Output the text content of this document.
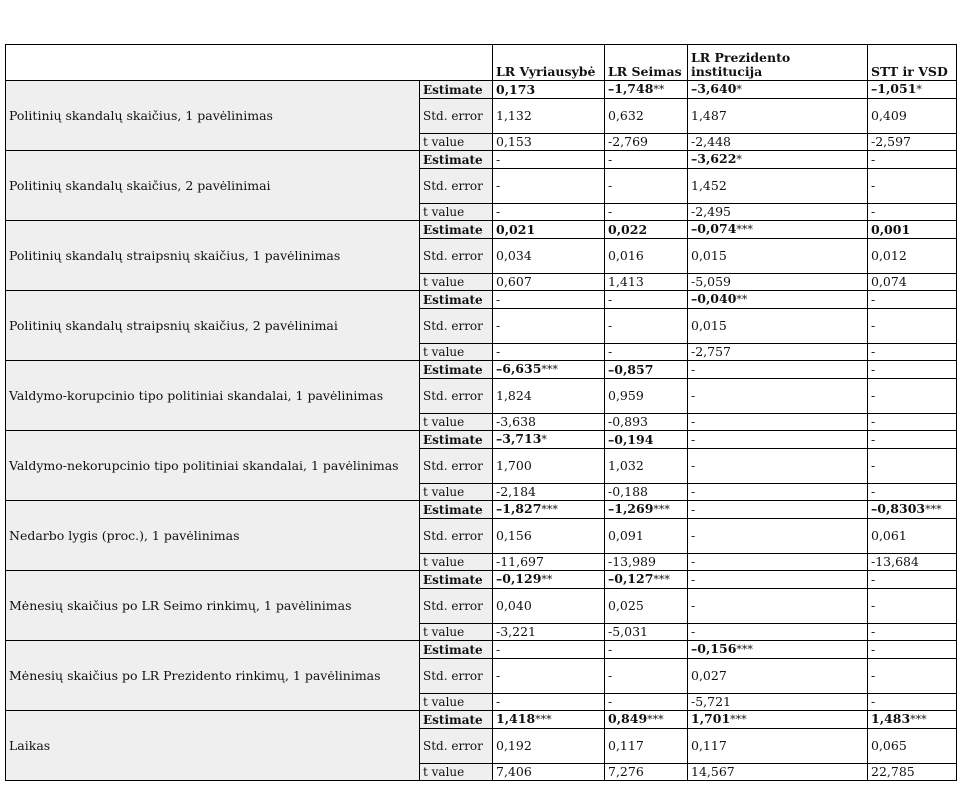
		LR Vyriausybė	LR Seimas	LR Prezidento institucija	STT ir VSD
Politinių skandalų skaičius, 1 pavėlinimas	Estimate	0,173	–1,748**	–3,640*	–1,051*
	Std. error	1,132	0,632	1,487	0,409
	t value	0,153	-2,769	-2,448	-2,597
Politinių skandalų skaičius, 2 pavėlinimai	Estimate	-	-	–3,622*	-
	Std. error	-	-	1,452	-
	t value	-	-	-2,495	-
Politinių skandalų straipsnių skaičius, 1 pavėlinimas	Estimate	0,021	0,022	–0,074***	0,001
	Std. error	0,034	0,016	0,015	0,012
	t value	0,607	1,413	-5,059	0,074
Politinių skandalų straipsnių skaičius, 2 pavėlinimai	Estimate	-	-	–0,040**	-
	Std. error	-	-	0,015	-
	t value	-	-	-2,757	-
Valdymo-korupcinio tipo politiniai skandalai, 1 pavėlinimas	Estimate	–6,635***	–0,857	-	-
	Std. error	1,824	0,959	-	-
	t value	-3,638	-0,893	-	-
Valdymo-nekorupcinio tipo politiniai skandalai, 1 pavėlinimas	Estimate	–3,713*	–0,194	-	-
	Std. error	1,700	1,032	-	-
	t value	-2,184	-0,188	-	-
Nedarbo lygis (proc.), 1 pavėlinimas	Estimate	–1,827***	–1,269***	-	–0,8303***
	Std. error	0,156	0,091	-	0,061
	t value	-11,697	-13,989	-	-13,684
Mėnesių skaičius po LR Seimo rinkimų, 1 pavėlinimas	Estimate	–0,129**	–0,127***	-	-
	Std. error	0,040	0,025	-	-
	t value	-3,221	-5,031	-	-
Mėnesių skaičius po LR Prezidento rinkimų, 1 pavėlinimas	Estimate	-	-	–0,156***	-
	Std. error	-	-	0,027	-
	t value	-	-	-5,721	-
Laikas	Estimate	1,418***	0,849***	1,701***	1,483***
	Std. error	0,192	0,117	0,117	0,065
	t value	7,406	7,276	14,567	22,785
